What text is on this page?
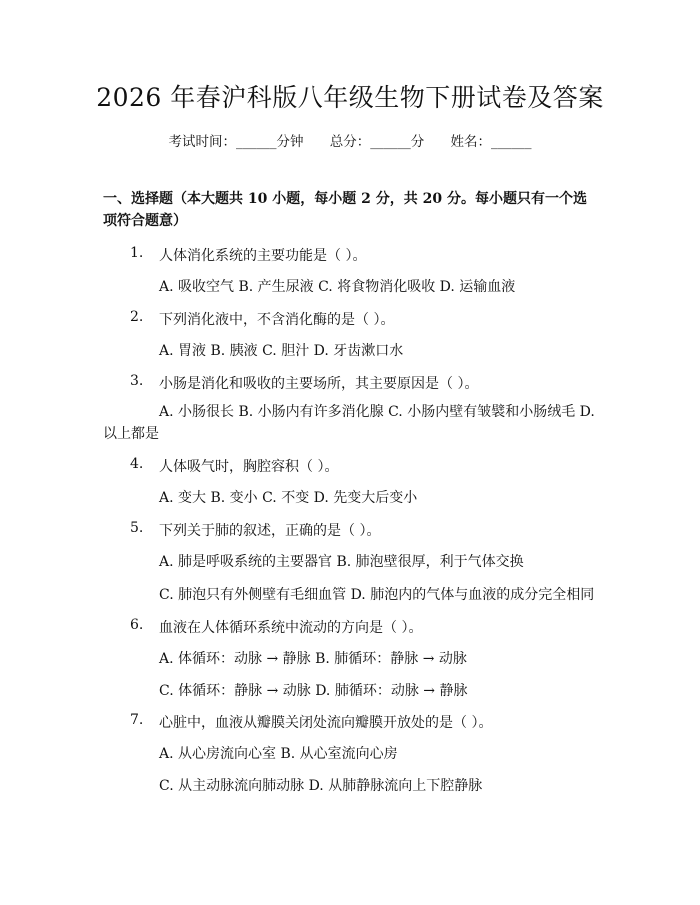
2026 年春沪科版八年级生物下册试卷及答案
考试时间：______分钟 总分：______分 姓名：______
一、选择题（本大题共 10 小题，每小题 2 分，共 20 分。每小题只有一个选项符合题意）
1. 人体消化系统的主要功能是（ ）。
A. 吸收空气 B. 产生尿液 C. 将食物消化吸收 D. 运输血液
2. 下列消化液中，不含消化酶的是（ ）。
A. 胃液 B. 胰液 C. 胆汁 D. 牙齿漱口水
3. 小肠是消化和吸收的主要场所，其主要原因是（ ）。
A. 小肠很长 B. 小肠内有许多消化腺 C. 小肠内壁有皱襞和小肠绒毛 D. 以上都是
4. 人体吸气时，胸腔容积（ ）。
A. 变大 B. 变小 C. 不变 D. 先变大后变小
5. 下列关于肺的叙述，正确的是（ ）。
A. 肺是呼吸系统的主要器官 B. 肺泡壁很厚，利于气体交换
C. 肺泡只有外侧壁有毛细血管 D. 肺泡内的气体与血液的成分完全相同
6. 血液在人体循环系统中流动的方向是（ ）。
A. 体循环：动脉 → 静脉 B. 肺循环：静脉 → 动脉
C. 体循环：静脉 → 动脉 D. 肺循环：动脉 → 静脉
7. 心脏中，血液从瓣膜关闭处流向瓣膜开放处的是（ ）。
A. 从心房流向心室 B. 从心室流向心房
C. 从主动脉流向肺动脉 D. 从肺静脉流向上下腔静脉
